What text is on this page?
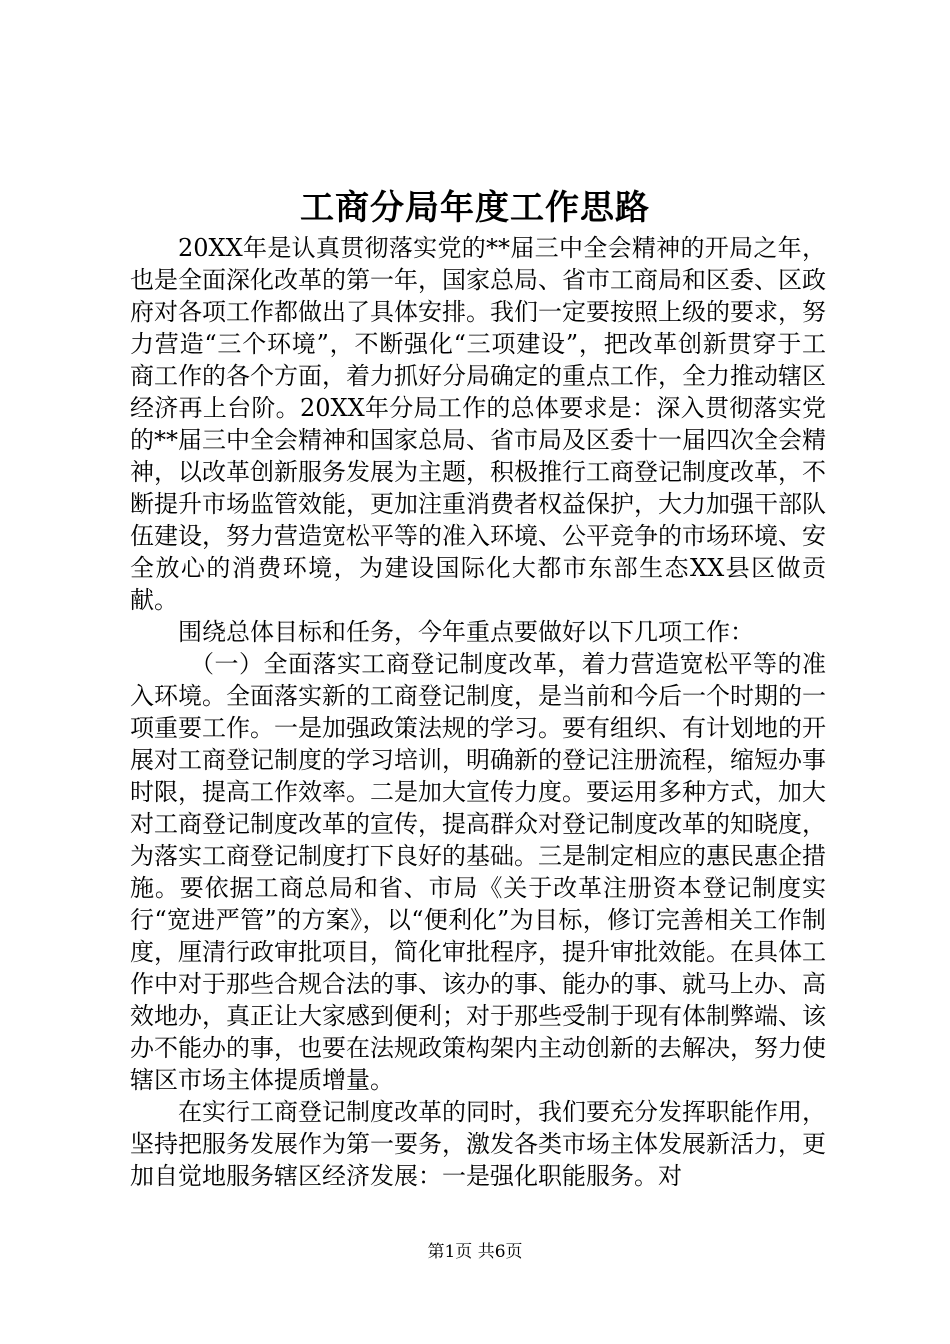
工商分局年度工作思路

20XX年是认真贯彻落实党的**届三中全会精神的开局之年，也是全面深化改革的第一年，国家总局、省市工商局和区委、区政府对各项工作都做出了具体安排。我们一定要按照上级的要求，努力营造“三个环境”，不断强化“三项建设”，把改革创新贯穿于工商工作的各个方面，着力抓好分局确定的重点工作，全力推动辖区经济再上台阶。20XX年分局工作的总体要求是：深入贯彻落实党的**届三中全会精神和国家总局、省市局及区委十一届四次全会精神，以改革创新服务发展为主题，积极推行工商登记制度改革，不断提升市场监管效能，更加注重消费者权益保护，大力加强干部队伍建设，努力营造宽松平等的准入环境、公平竞争的市场环境、安全放心的消费环境，为建设国际化大都市东部生态XX县区做贡献。

围绕总体目标和任务，今年重点要做好以下几项工作：

（一）全面落实工商登记制度改革，着力营造宽松平等的准入环境。全面落实新的工商登记制度，是当前和今后一个时期的一项重要工作。一是加强政策法规的学习。要有组织、有计划地的开展对工商登记制度的学习培训，明确新的登记注册流程，缩短办事时限，提高工作效率。二是加大宣传力度。要运用多种方式，加大对工商登记制度改革的宣传，提高群众对登记制度改革的知晓度，为落实工商登记制度打下良好的基础。三是制定相应的惠民惠企措施。要依据工商总局和省、市局《关于改革注册资本登记制度实行“宽进严管”的方案》，以“便利化”为目标，修订完善相关工作制度，厘清行政审批项目，简化审批程序，提升审批效能。在具体工作中对于那些合规合法的事、该办的事、能办的事、就马上办、高效地办，真正让大家感到便利；对于那些受制于现有体制弊端、该办不能办的事，也要在法规政策构架内主动创新的去解决，努力使辖区市场主体提质增量。

在实行工商登记制度改革的同时，我们要充分发挥职能作用，坚持把服务发展作为第一要务，激发各类市场主体发展新活力，更加自觉地服务辖区经济发展：一是强化职能服务。对

第1页 共6页
